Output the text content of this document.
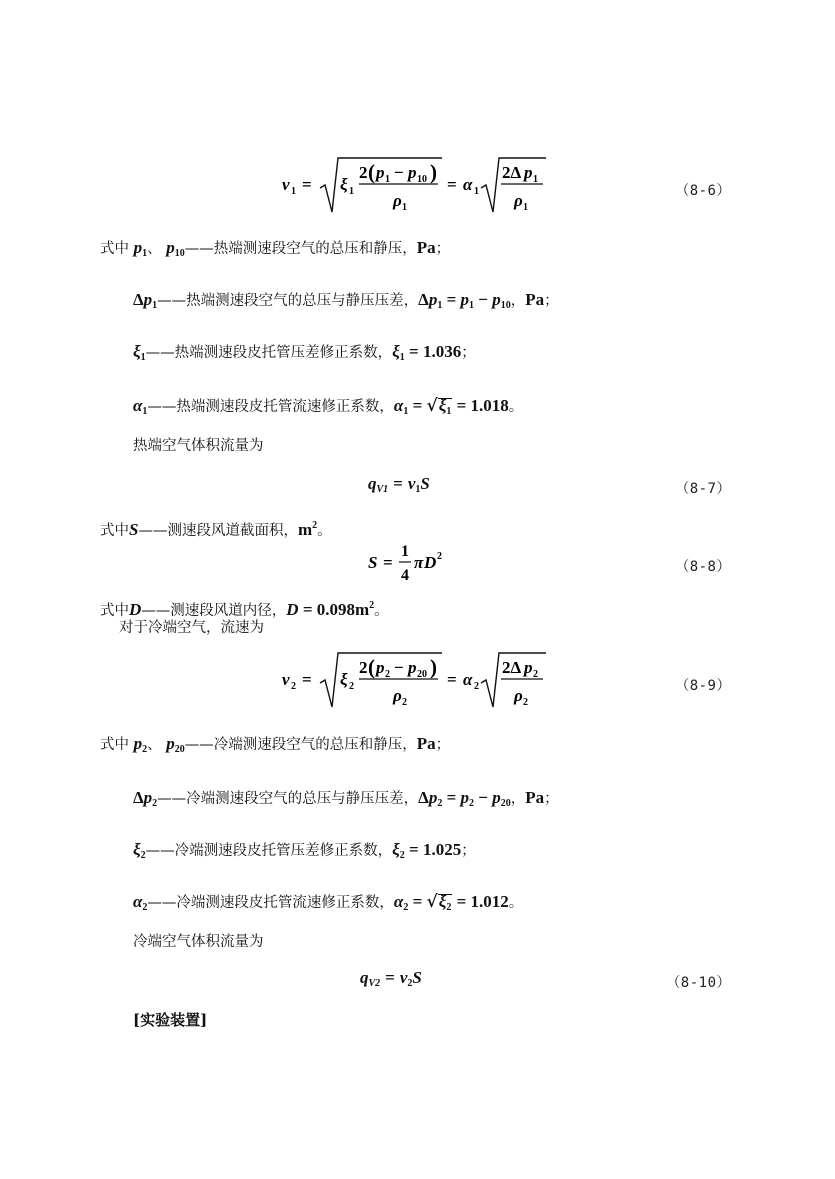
v 1 = ξ 1
2 ( p 1 − p 10 )
ρ 1
= α 1
2Δ p 1
ρ 1
（8-6）
式中 $p_1$、 $p_{10}——$热端测速段空气的总压和静压，Pa；
$\Delta p_1——$热端测速段空气的总压与静压压差，$\Delta p_1 = p_1 - p_{10}$，Pa；
$\xi_1——$热端测速段皮托管压差修正系数，$\xi_1 = 1.036$；
$\alpha_1——$热端测速段皮托管流速修正系数，$\alpha_1 = √\xi_1 = 1.018$。
热端空气体积流量为
$q_{V1} = v_1S$	（8-7）
式中S——测速段风道截面积，$m^2$。
S =
1
4
π D 2
（8-8）
式中D——测速段风道内径，$D = 0.098m^2$。
对于冷端空气，流速为
v 2 = ξ 2
2 ( p 2 − p 20 )
ρ 2
= α 2
2Δ p 2
ρ 2
（8-9）
式中 $p_2$、 $p_{20}——$冷端测速段空气的总压和静压，Pa；
$\Delta p_2——$冷端测速段空气的总压与静压压差，$\Delta p_2 = p_2 - p_{20}$，Pa；
$\xi_2——$冷端测速段皮托管压差修正系数，$\xi_2 = 1.025$；
$\alpha_2——$冷端测速段皮托管流速修正系数，$\alpha_2 = √\xi_2 = 1.012$。
冷端空气体积流量为
$q_{V2} = v_2S$	（8-10）
[实验装置]
